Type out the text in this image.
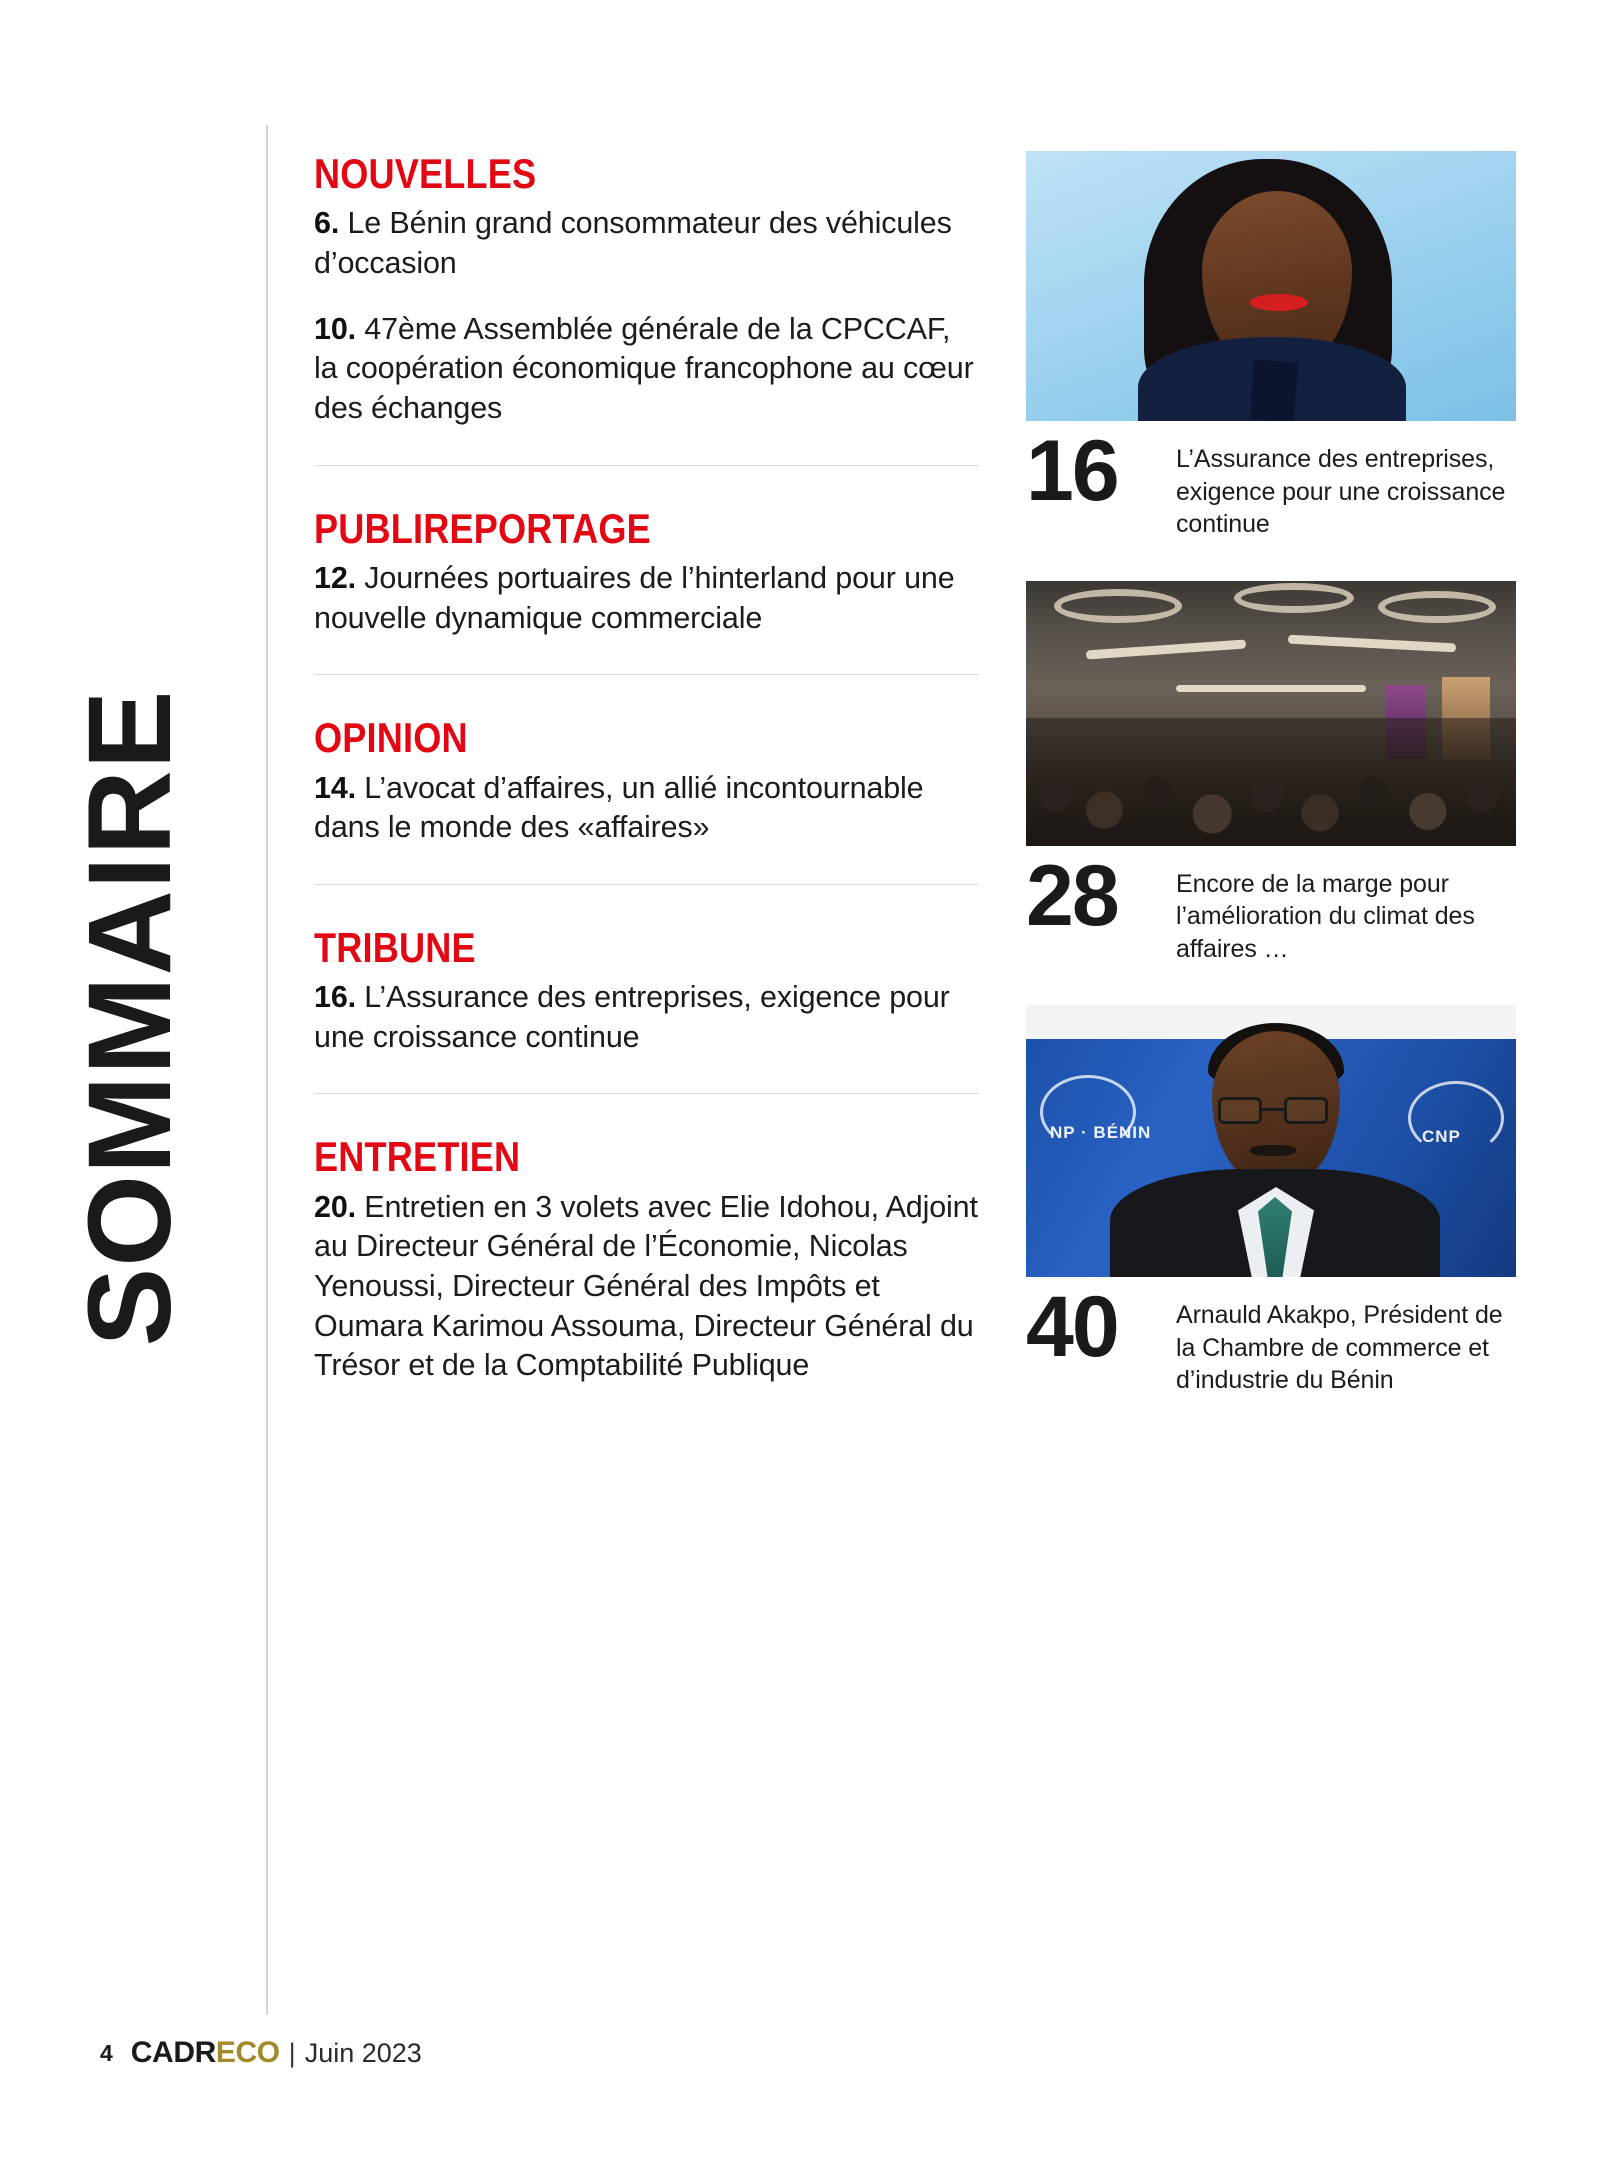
SOMMAIRE
NOUVELLES
6. Le Bénin grand consommateur des véhicules d’occasion
10. 47ème Assemblée générale de la CPCCAF, la coopération économique francophone au cœur des échanges
PUBLIREPORTAGE
12. Journées portuaires de l’hinterland pour une nouvelle dynamique commerciale
OPINION
14. L’avocat d’affaires, un allié incontournable dans le monde des «affaires»
TRIBUNE
16. L’Assurance des entreprises, exigence pour une croissance continue
ENTRETIEN
20. Entretien en 3 volets avec Elie Idohou, Adjoint au Directeur Général de l’Économie, Nicolas Yenoussi, Directeur Général des Impôts et Oumara Karimou Assouma, Directeur Général du Trésor et de la Comptabilité Publique
16	L’Assurance des entreprises, exigence pour une croissance continue
28	Encore de la marge pour l’amélioration du climat des affaires …
NP · BÉNIN	CNP
40	Arnauld Akakpo, Président de la Chambre de commerce et d’industrie du Bénin
4 CADRECO | Juin 2023
